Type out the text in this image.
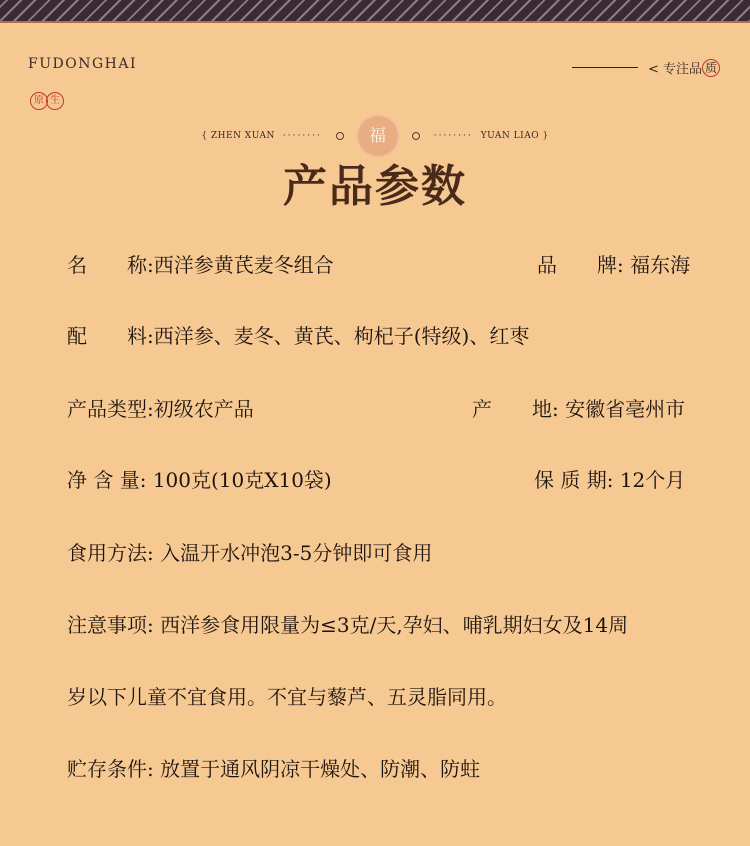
FUDONGHAI
原 生
< 专注品 质
{ ZHEN XUAN ········	福	········ YUAN LIAO }
产品参数
名　　称:西洋参黄芪麦冬组合	品　　牌: 福东海
配　　料:西洋参、麦冬、黄芪、枸杞子(特级)、红枣
产品类型:初级农产品	产　　地: 安徽省亳州市
净 含 量: 100克(10克X10袋)	保 质 期: 12个月
食用方法: 入温开水冲泡3-5分钟即可食用
注意事项: 西洋参食用限量为≤3克/天,孕妇、哺乳期妇女及14周
岁以下儿童不宜食用。不宜与藜芦、五灵脂同用。
贮存条件: 放置于通风阴凉干燥处、防潮、防蛀
